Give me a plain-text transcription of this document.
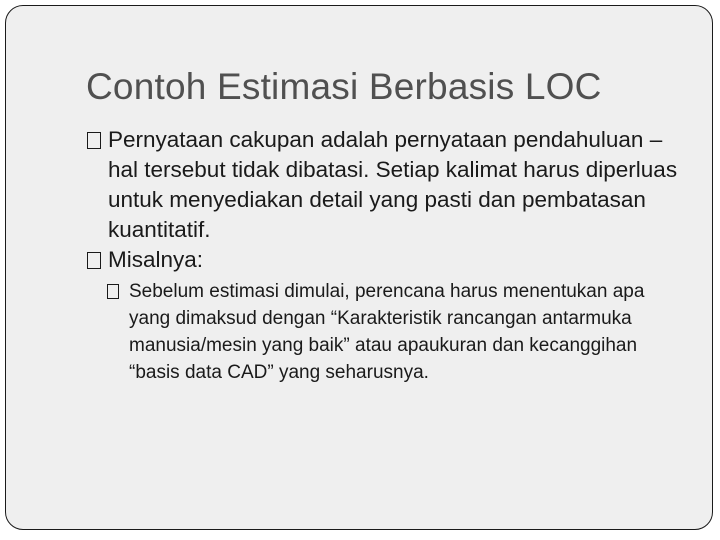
Contoh Estimasi Berbasis LOC
Pernyataan cakupan adalah pernyataan pendahuluan – hal tersebut tidak dibatasi. Setiap kalimat harus diperluas untuk menyediakan detail yang pasti dan pembatasan kuantitatif.
Misalnya:
Sebelum estimasi dimulai, perencana harus menentukan apa yang dimaksud dengan “Karakteristik rancangan antarmuka manusia/mesin yang baik” atau apaukuran dan kecanggihan “basis data CAD” yang seharusnya.
